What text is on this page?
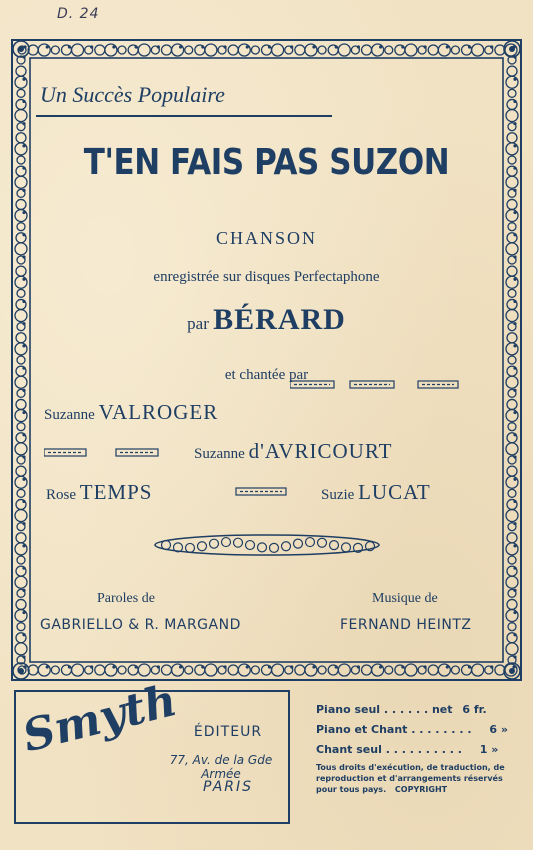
D. 24
Un Succès Populaire
T'EN FAIS PAS SUZON
CHANSON
enregistrée sur disques Perfectaphone
par BÉRARD
et chantée par
Suzanne VALROGER
Suzanne d'AVRICOURT
Rose TEMPS	Suzie LUCAT
Paroles de
GABRIELLO & R. MARGAND
Musique de
FERNAND HEINTZ
Smyth ÉDITEUR
77, Av. de la Gde Armée
PARIS
Piano seul . . . . . . net 6 fr.
Piano et Chant . . . . . . . . 6 »
Chant seul . . . . . . . . . . 1 »
Tous droits d'exécution, de traduction, de reproduction et d'arrangements réservés pour tous pays. COPYRIGHT
